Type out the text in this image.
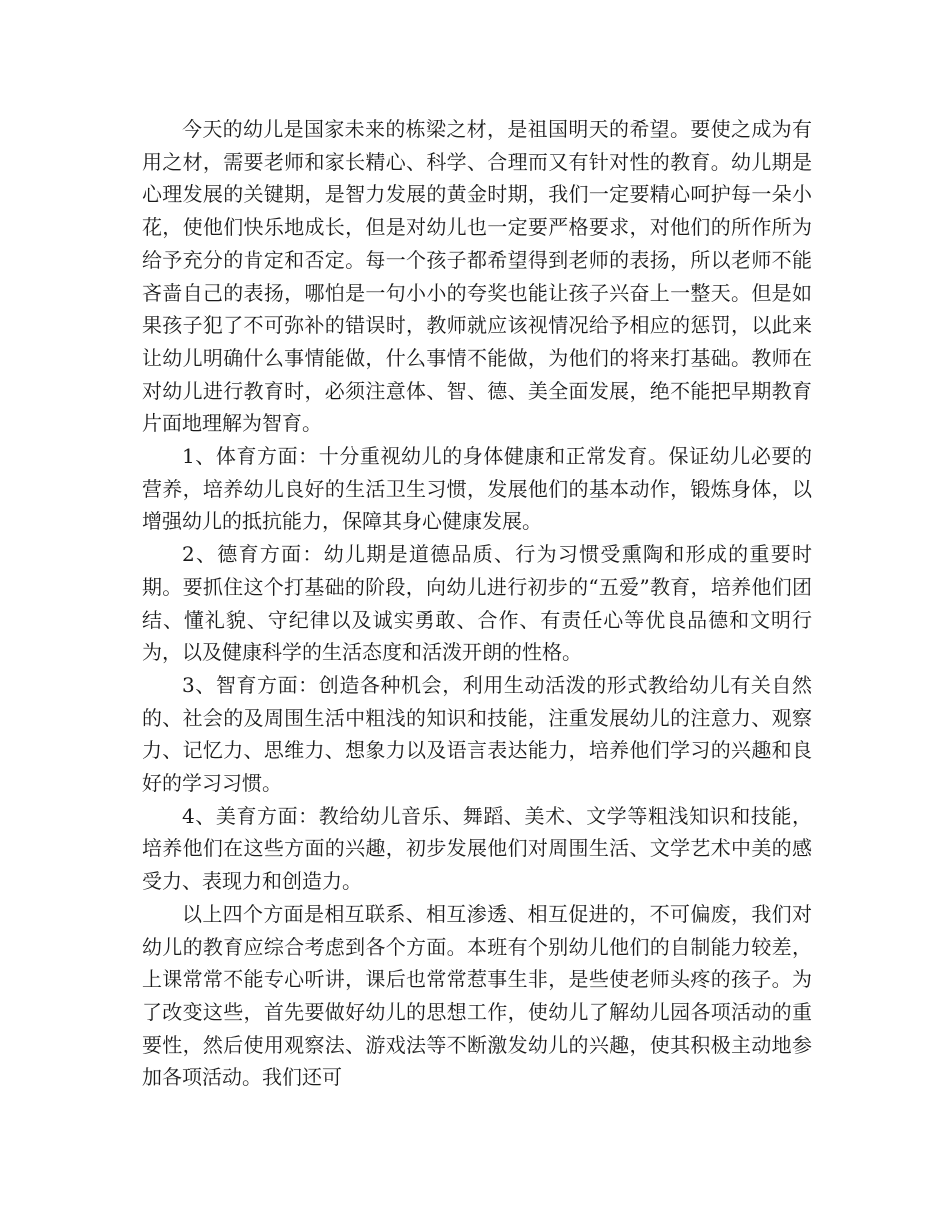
今天的幼儿是国家未来的栋梁之材，是祖国明天的希望。要使之成为有用之材，需要老师和家长精心、科学、合理而又有针对性的教育。幼儿期是心理发展的关键期，是智力发展的黄金时期，我们一定要精心呵护每一朵小花，使他们快乐地成长，但是对幼儿也一定要严格要求，对他们的所作所为给予充分的肯定和否定。每一个孩子都希望得到老师的表扬，所以老师不能吝啬自己的表扬，哪怕是一句小小的夸奖也能让孩子兴奋上一整天。但是如果孩子犯了不可弥补的错误时，教师就应该视情况给予相应的惩罚，以此来让幼儿明确什么事情能做，什么事情不能做，为他们的将来打基础。教师在对幼儿进行教育时，必须注意体、智、德、美全面发展，绝不能把早期教育片面地理解为智育。

1、体育方面：十分重视幼儿的身体健康和正常发育。保证幼儿必要的营养，培养幼儿良好的生活卫生习惯，发展他们的基本动作，锻炼身体，以增强幼儿的抵抗能力，保障其身心健康发展。

2、德育方面：幼儿期是道德品质、行为习惯受熏陶和形成的重要时期。要抓住这个打基础的阶段，向幼儿进行初步的“五爱”教育，培养他们团结、懂礼貌、守纪律以及诚实勇敢、合作、有责任心等优良品德和文明行为，以及健康科学的生活态度和活泼开朗的性格。

3、智育方面：创造各种机会，利用生动活泼的形式教给幼儿有关自然的、社会的及周围生活中粗浅的知识和技能，注重发展幼儿的注意力、观察力、记忆力、思维力、想象力以及语言表达能力，培养他们学习的兴趣和良好的学习习惯。

4、美育方面：教给幼儿音乐、舞蹈、美术、文学等粗浅知识和技能，培养他们在这些方面的兴趣，初步发展他们对周围生活、文学艺术中美的感受力、表现力和创造力。

以上四个方面是相互联系、相互渗透、相互促进的，不可偏废，我们对幼儿的教育应综合考虑到各个方面。本班有个别幼儿他们的自制能力较差，上课常常不能专心听讲，课后也常常惹事生非，是些使老师头疼的孩子。为了改变这些，首先要做好幼儿的思想工作，使幼儿了解幼儿园各项活动的重要性，然后使用观察法、游戏法等不断激发幼儿的兴趣，使其积极主动地参加各项活动。我们还可
